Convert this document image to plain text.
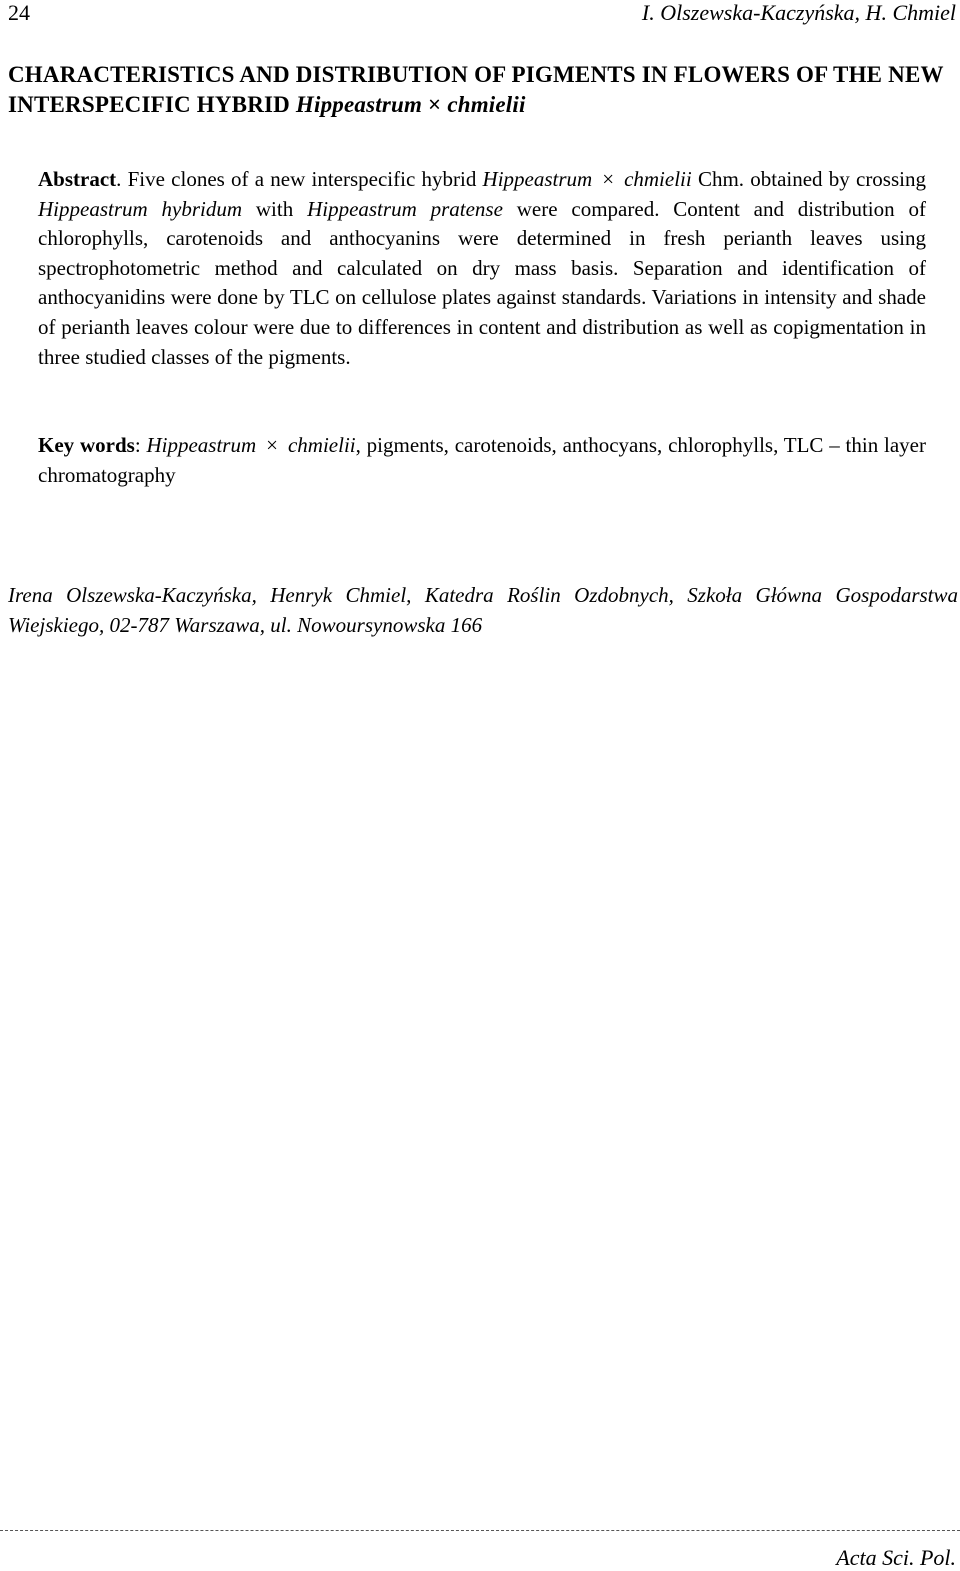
24	I. Olszewska-Kaczyńska, H. Chmiel
CHARACTERISTICS AND DISTRIBUTION OF PIGMENTS IN FLOWERS OF THE NEW INTERSPECIFIC HYBRID Hippeastrum × chmielii
Abstract. Five clones of a new interspecific hybrid Hippeastrum × chmielii Chm. obtained by crossing Hippeastrum hybridum with Hippeastrum pratense were compared. Content and distribution of chlorophylls, carotenoids and anthocyanins were determined in fresh perianth leaves using spectrophotometric method and calculated on dry mass basis. Separation and identification of anthocyanidins were done by TLC on cellulose plates against standards. Variations in intensity and shade of perianth leaves colour were due to differences in content and distribution as well as copigmentation in three studied classes of the pigments.
Key words: Hippeastrum × chmielii, pigments, carotenoids, anthocyans, chlorophylls, TLC – thin layer chromatography
Irena Olszewska-Kaczyńska, Henryk Chmiel, Katedra Roślin Ozdobnych, Szkoła Główna Gospodarstwa Wiejskiego, 02-787 Warszawa, ul. Nowoursynowska 166
Acta Sci. Pol.
